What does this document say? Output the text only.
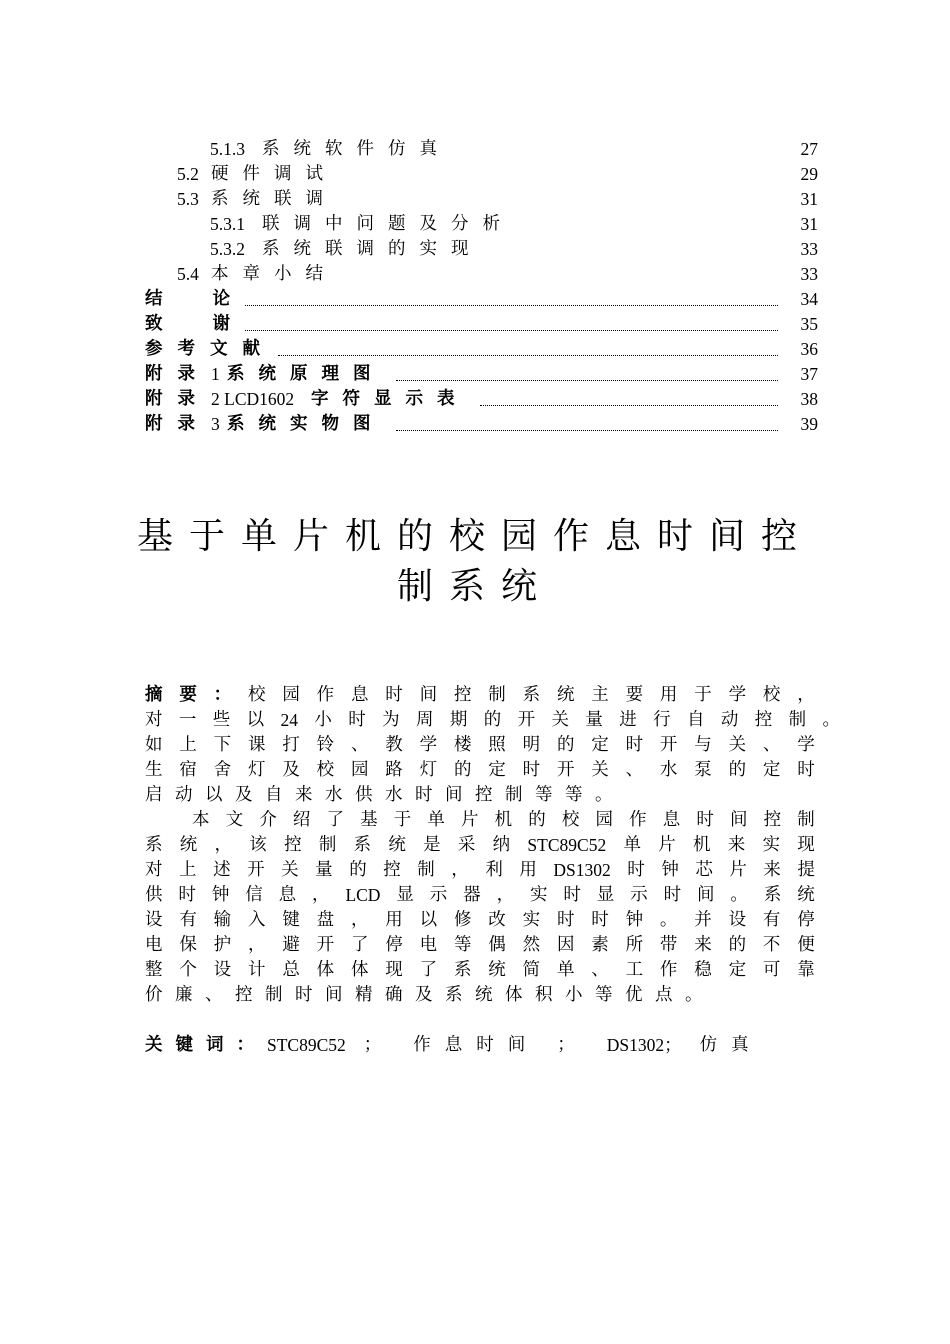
5.1.3 系统软件仿真	27
5.2 硬件调试	29
5.3 系统联调	31
5.3.1 联调中问题及分析	31
5.3.2 系统联调的实现	33
5.4 本章小结	33
结	论	34
致	谢	35
参考文献	36
附录 1 系统原理图	37
附录 2 LCD1602 字符显示表	38
附录 3 系统实物图	39
基于单片机的校园作息时间控
制系统
摘 要 ： 校 园 作 息 时 间 控 制 系 统 主 要 用 于 学 校 ，
对 一 些 以 24 小 时 为 周 期 的 开 关 量 进 行 自 动 控 制 。
如 上 下 课 打 铃 、 教 学 楼 照 明 的 定 时 开 与 关 、 学
生 宿 舍 灯 及 校 园 路 灯 的 定 时 开 关 、 水 泵 的 定 时
启 动 以 及 自 来 水 供 水 时 间 控 制 等 等 。
本 文 介 绍 了 基 于 单 片 机 的 校 园 作 息 时 间 控 制
系 统 ， 该 控 制 系 统 是 采 纳 STC89C52 单 片 机 来 实 现
对 上 述 开 关 量 的 控 制 ， 利 用 DS1302 时 钟 芯 片 来 提
供 时 钟 信 息 ， LCD 显 示 器 ， 实 时 显 示 时 间 。 系 统
设 有 输 入 键 盘 ， 用 以 修 改 实 时 时 钟 。 并 设 有 停
电 保 护 ， 避 开 了 停 电 等 偶 然 因 素 所 带 来 的 不 便
整 个 设 计 总 体 体 现 了 系 统 简 单 、 工 作 稳 定 可 靠
价 廉 、 控 制 时 间 精 确 及 系 统 体 积 小 等 优 点 。
关 键 词 ： STC89C52 ； 作息时间 ； DS1302； 仿真
